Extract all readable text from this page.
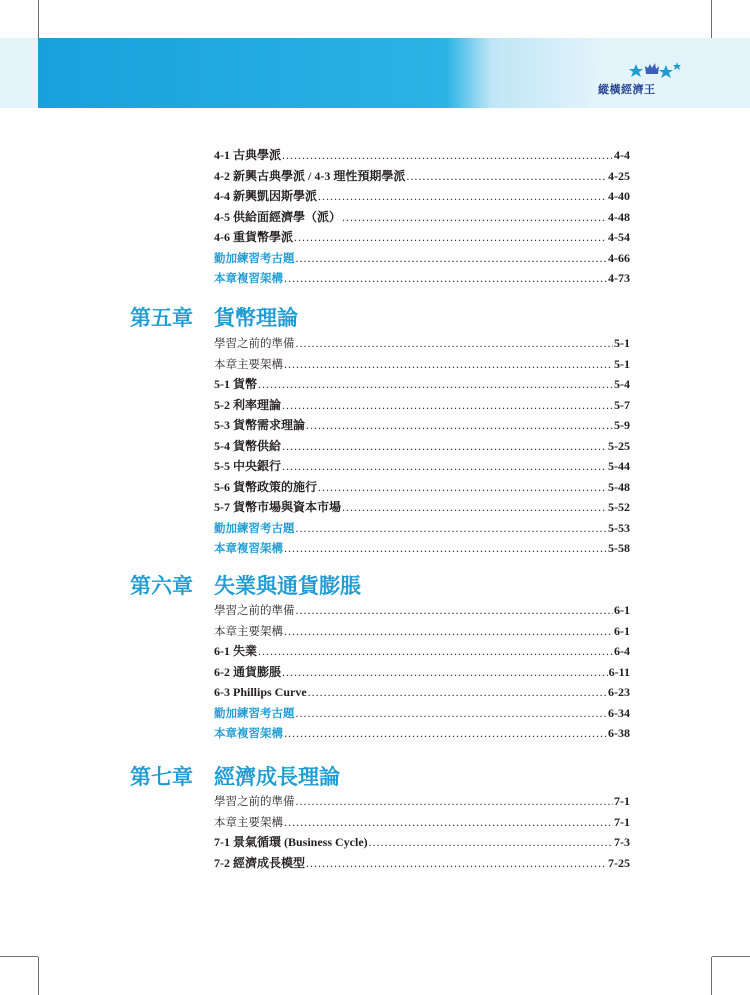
縱橫經濟王
4-1 古典學派 .....	4-4
4-2 新興古典學派 / 4-3 理性預期學派 .....	4-25
4-4 新興凱因斯學派 .....	4-40
4-5 供給面經濟學（派） .....	4-48
4-6 重貨幣學派 .....	4-54
勤加練習考古題 .....	4-66
本章複習架構 .....	4-73
第五章 貨幣理論
學習之前的準備 .....	5-1
本章主要架構 .....	5-1
5-1 貨幣 .....	5-4
5-2 利率理論 .....	5-7
5-3 貨幣需求理論 .....	5-9
5-4 貨幣供給 .....	5-25
5-5 中央銀行 .....	5-44
5-6 貨幣政策的施行 .....	5-48
5-7 貨幣市場與資本市場 .....	5-52
勤加練習考古題 .....	5-53
本章複習架構 .....	5-58
第六章 失業與通貨膨脹
學習之前的準備 .....	6-1
本章主要架構 .....	6-1
6-1 失業 .....	6-4
6-2 通貨膨脹 .....	6-11
6-3 Phillips Curve .....	6-23
勤加練習考古題 .....	6-34
本章複習架構 .....	6-38
第七章 經濟成長理論
學習之前的準備 .....	7-1
本章主要架構 .....	7-1
7-1 景氣循環 (Business Cycle) .....	7-3
7-2 經濟成長模型 .....	7-25
